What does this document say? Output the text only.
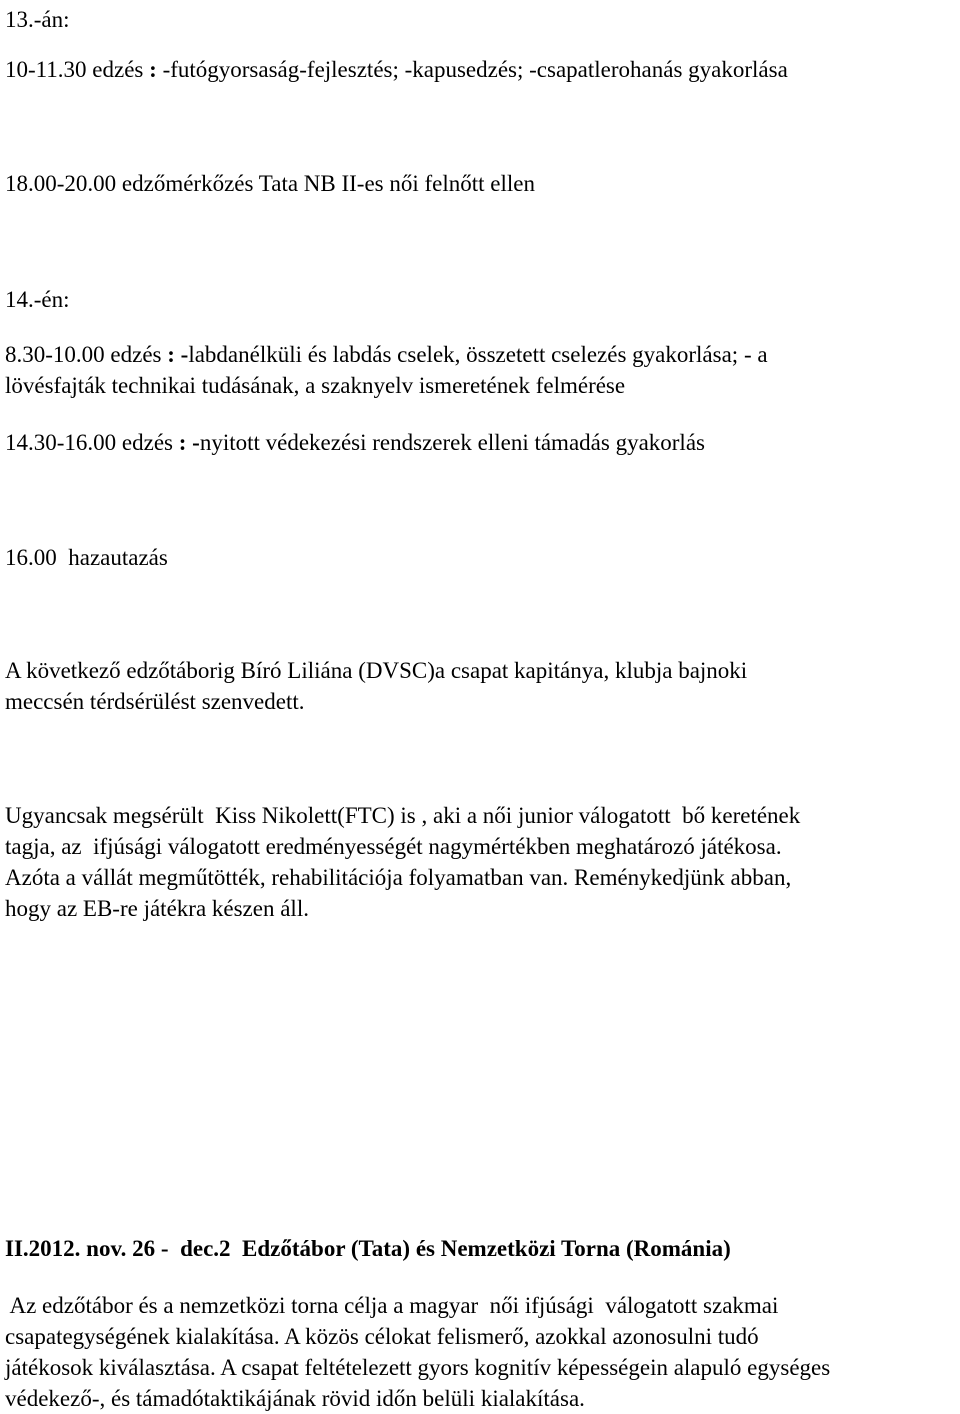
13.-án:
10-11.30 edzés : -futógyorsaság-fejlesztés; -kapusedzés; -csapatlerohanás gyakorlása
18.00-20.00 edzőmérkőzés Tata NB II-es női felnőtt ellen
14.-én:
8.30-10.00 edzés : -labdanélküli és labdás cselek, összetett cselezés gyakorlása; - a
lövésfajták technikai tudásának, a szaknyelv ismeretének felmérése
14.30-16.00 edzés : -nyitott védekezési rendszerek elleni támadás gyakorlás
16.00  hazautazás
A következő edzőtáborig Bíró Liliána (DVSC)a csapat kapitánya, klubja bajnoki
meccsén térdsérülést szenvedett.
Ugyancsak megsérült  Kiss Nikolett(FTC) is , aki a női junior válogatott  bő keretének
tagja, az  ifjúsági válogatott eredményességét nagymértékben meghatározó játékosa.
Azóta a vállát megműtötték, rehabilitációja folyamatban van. Reménykedjünk abban,
hogy az EB-re játékra készen áll.
II.2012. nov. 26 -  dec.2  Edzőtábor (Tata) és Nemzetközi Torna (Románia)
Az edzőtábor és a nemzetközi torna célja a magyar  női ifjúsági  válogatott szakmai
csapategységének kialakítása. A közös célokat felismerő, azokkal azonosulni tudó
játékosok kiválasztása. A csapat feltételezett gyors kognitív képességein alapuló egységes
védekező-, és támadótaktikájának rövid időn belüli kialakítása.
